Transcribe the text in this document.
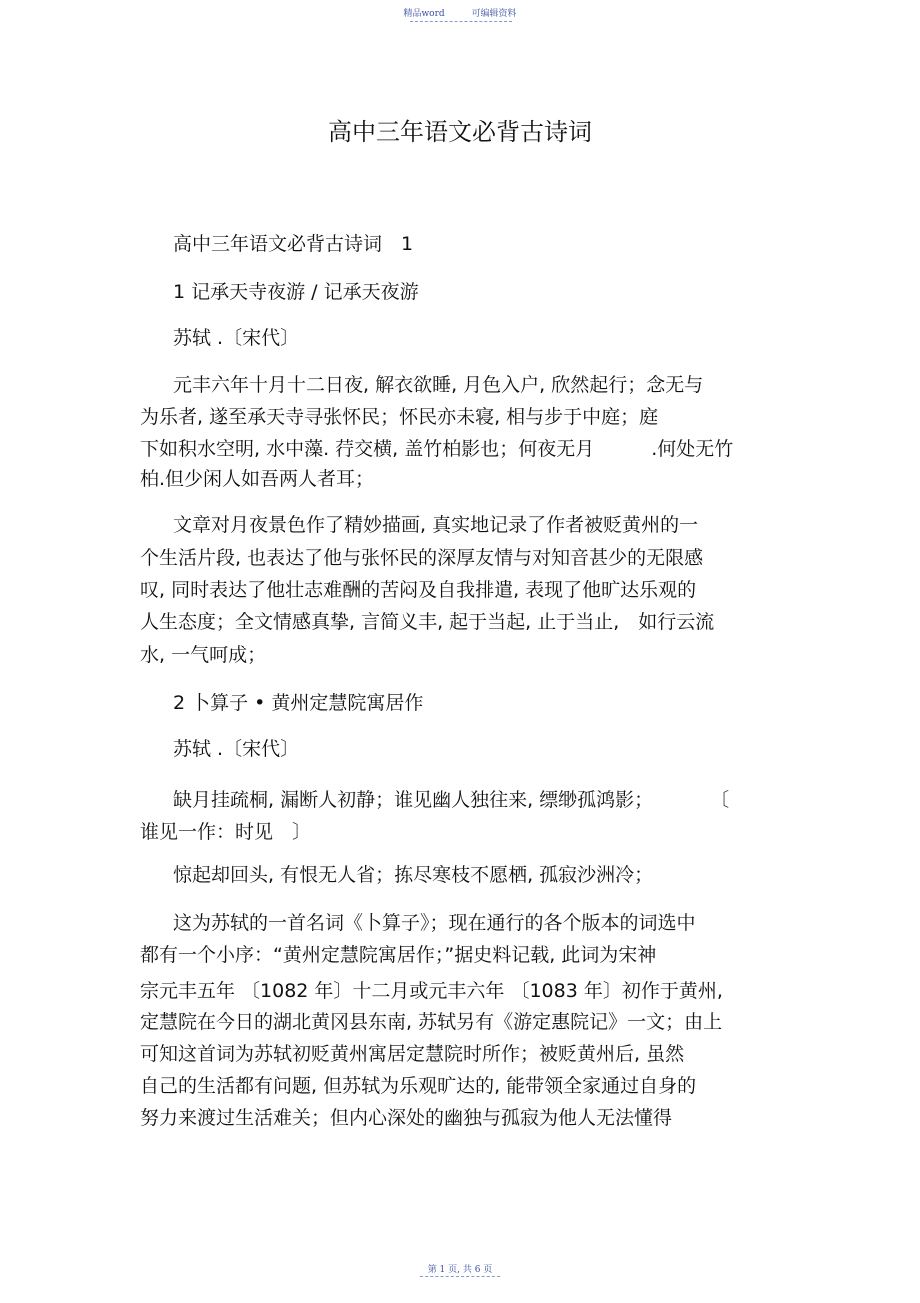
精品word	可编辑资料
高中三年语文必背古诗词
高中三年语文必背古诗词　1
1 记承天寺夜游 / 记承天夜游
苏轼 .〔宋代〕
元丰六年十月十二日夜, 解衣欲睡, 月色入户, 欣然起行；念无与
为乐者, 遂至承天寺寻张怀民；怀民亦未寝, 相与步于中庭；庭
下如积水空明, 水中藻. 荇交横, 盖竹柏影也；何夜无月　　　.何处无竹
柏.但少闲人如吾两人者耳；
文章对月夜景色作了精妙描画, 真实地记录了作者被贬黄州的一
个生活片段, 也表达了他与张怀民的深厚友情与对知音甚少的无限感
叹, 同时表达了他壮志难酬的苦闷及自我排遣, 表现了他旷达乐观的
人生态度；全文情感真挚, 言简义丰, 起于当起, 止于当止,　如行云流
水, 一气呵成；
2 卜算子 • 黄州定慧院寓居作
苏轼 .〔宋代〕
缺月挂疏桐, 漏断人初静；谁见幽人独往来, 缥缈孤鸿影；　　　　〔
谁见一作：时见　〕
惊起却回头, 有恨无人省；拣尽寒枝不愿栖, 孤寂沙洲冷；
这为苏轼的一首名词《卜算子》；现在通行的各个版本的词选中
都有一个小序：“黄州定慧院寓居作；”据史料记载, 此词为宋神
宗元丰五年 〔1082 年〕十二月或元丰六年 〔1083 年〕初作于黄州,
定慧院在今日的湖北黄冈县东南, 苏轼另有《游定惠院记》一文；由上
可知这首词为苏轼初贬黄州寓居定慧院时所作；被贬黄州后, 虽然
自己的生活都有问题, 但苏轼为乐观旷达的, 能带领全家通过自身的
努力来渡过生活难关；但内心深处的幽独与孤寂为他人无法懂得
第 1 页, 共 6 页
